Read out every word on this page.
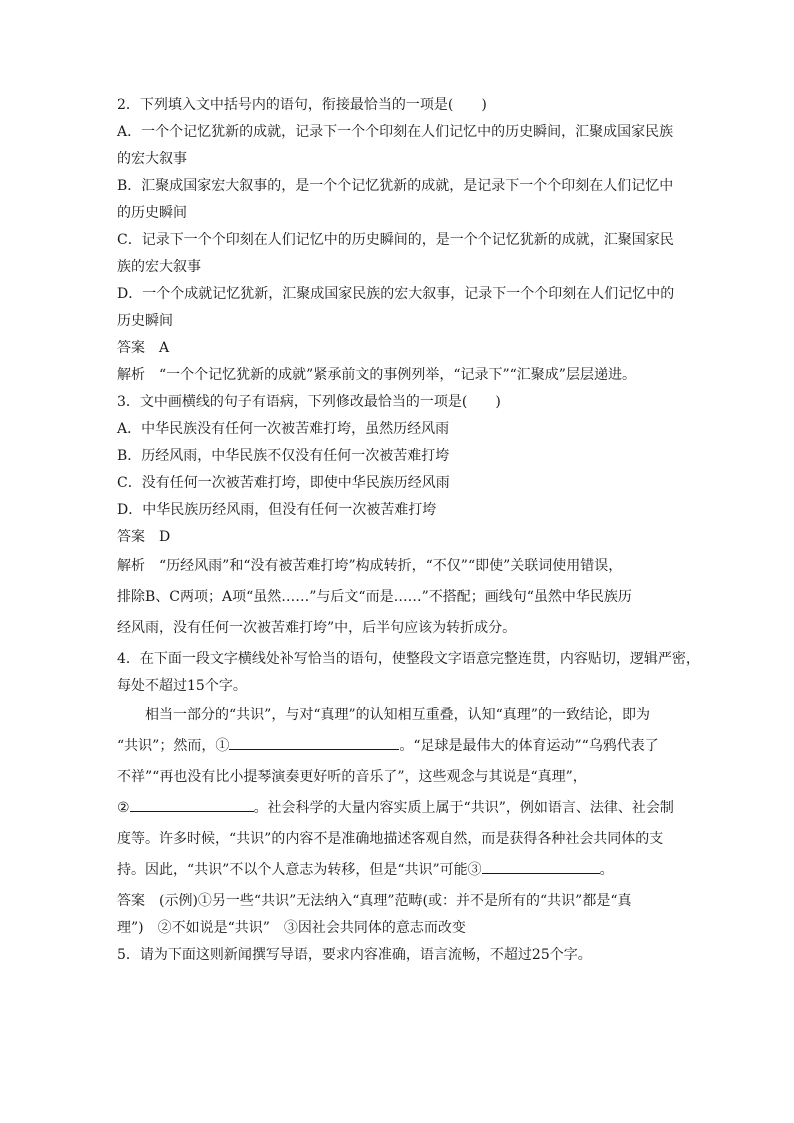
2．下列填入文中括号内的语句，衔接最恰当的一项是(　　)
A．一个个记忆犹新的成就，记录下一个个印刻在人们记忆中的历史瞬间，汇聚成国家民族
的宏大叙事
B．汇聚成国家宏大叙事的，是一个个记忆犹新的成就，是记录下一个个印刻在人们记忆中
的历史瞬间
C．记录下一个个印刻在人们记忆中的历史瞬间的，是一个个记忆犹新的成就，汇聚国家民
族的宏大叙事
D．一个个成就记忆犹新，汇聚成国家民族的宏大叙事，记录下一个个印刻在人们记忆中的
历史瞬间
答案 A
解析 “一个个记忆犹新的成就”紧承前文的事例列举，“记录下”“汇聚成”层层递进。
3．文中画横线的句子有语病，下列修改最恰当的一项是(　　)
A．中华民族没有任何一次被苦难打垮，虽然历经风雨
B．历经风雨，中华民族不仅没有任何一次被苦难打垮
C．没有任何一次被苦难打垮，即使中华民族历经风雨
D．中华民族历经风雨，但没有任何一次被苦难打垮
答案 D
解析 “历经风雨”和“没有被苦难打垮”构成转折，“不仅”“即使”关联词使用错误，
排除B、C两项；A项“虽然……”与后文“而是……”不搭配；画线句“虽然中华民族历
经风雨，没有任何一次被苦难打垮”中，后半句应该为转折成分。
4．在下面一段文字横线处补写恰当的语句，使整段文字语意完整连贯，内容贴切，逻辑严密，
每处不超过15个字。
相当一部分的“共识”，与对“真理”的认知相互重叠，认知“真理”的一致结论，即为
“共识”；然而，①	。“足球是最伟大的体育运动”“乌鸦代表了
不祥”“再也没有比小提琴演奏更好听的音乐了”，这些观念与其说是“真理”，
②	。社会科学的大量内容实质上属于“共识”，例如语言、法律、社会制
度等。许多时候，“共识”的内容不是准确地描述客观自然，而是获得各种社会共同体的支
持。因此，“共识”不以个人意志为转移，但是“共识”可能③	。
答案 (示例)①另一些“共识”无法纳入“真理”范畴(或：并不是所有的“共识”都是“真
理”)　②不如说是“共识”　③因社会共同体的意志而改变
5．请为下面这则新闻撰写导语，要求内容准确，语言流畅，不超过25个字。
